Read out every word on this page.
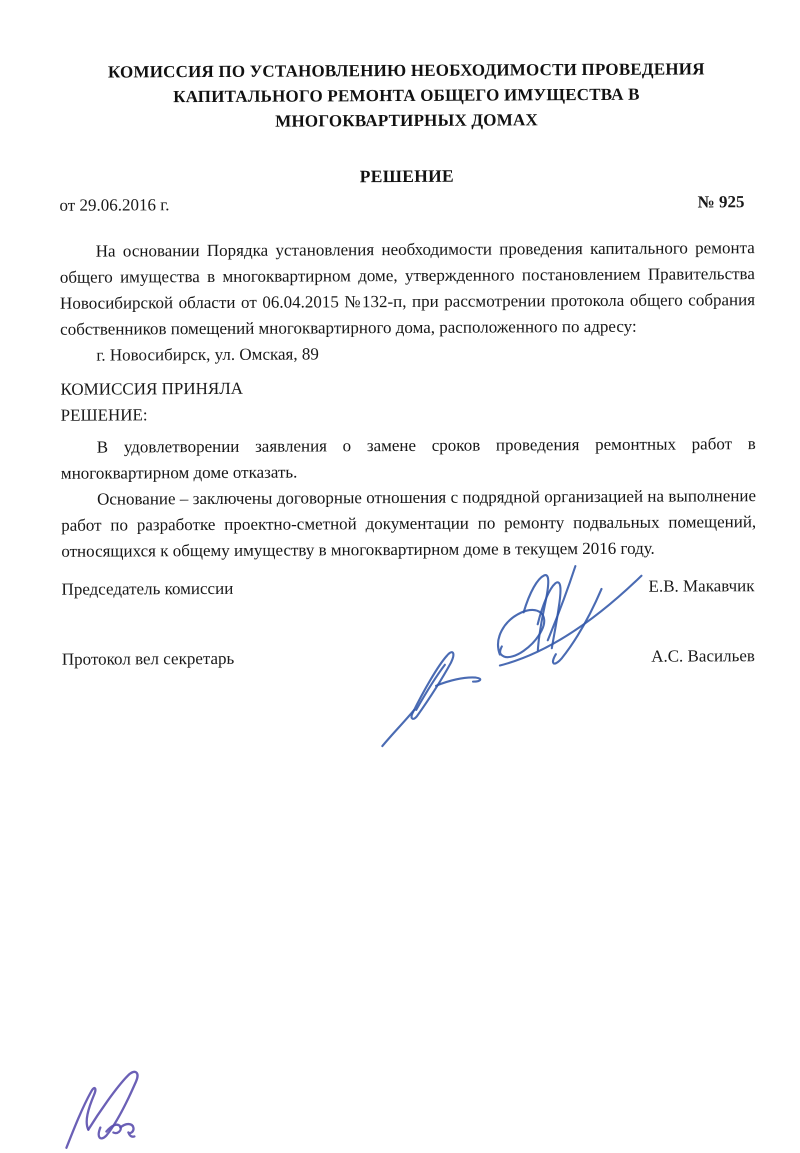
КОМИССИЯ ПО УСТАНОВЛЕНИЮ НЕОБХОДИМОСТИ ПРОВЕДЕНИЯ
КАПИТАЛЬНОГО РЕМОНТА ОБЩЕГО ИМУЩЕСТВА В
МНОГОКВАРТИРНЫХ ДОМАХ
РЕШЕНИЕ
от 29.06.2016 г.	№ 925

На основании Порядка установления необходимости проведения капитального ремонта общего имущества в многоквартирном доме, утвержденного постановлением Правительства Новосибирской области от 06.04.2015 №132-п, при рассмотрении протокола общего собрания собственников помещений многоквартирного дома, расположенного по адресу:

г. Новосибирск, ул. Омская, 89

КОМИССИЯ ПРИНЯЛА
РЕШЕНИЕ:

В удовлетворении заявления о замене сроков проведения ремонтных работ в многоквартирном доме отказать.

Основание – заключены договорные отношения с подрядной организацией на выполнение работ по разработке проектно-сметной документации по ремонту подвальных помещений, относящихся к общему имуществу в многоквартирном доме в текущем 2016 году.

Председатель комиссии	Е.В. Макавчик
Протокол вел секретарь	А.С. Васильев
